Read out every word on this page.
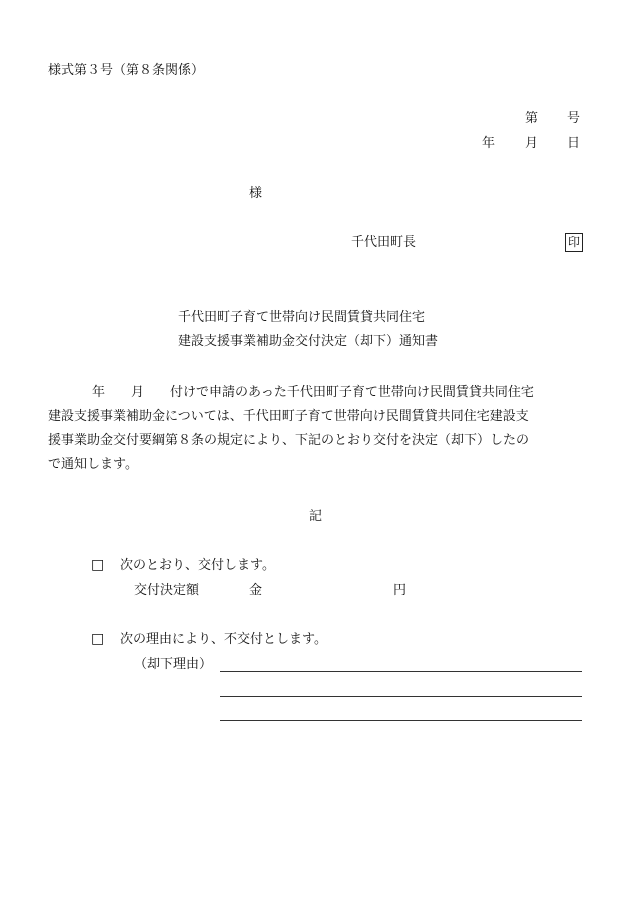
様式第３号（第８条関係）
第 号
年 月 日
様
千代田町長	印
千代田町子育て世帯向け民間賃貸共同住宅
建設支援事業補助金交付決定（却下）通知書
年　　月　　付けで申請のあった千代田町子育て世帯向け民間賃貸共同住宅
建設支援事業補助金については、千代田町子育て世帯向け民間賃貸共同住宅建設支
援事業助金交付要綱第８条の規定により、下記のとおり交付を決定（却下）したの
で通知します。
記
□ 次のとおり、交付します。
交付決定額	金	円
□ 次の理由により、不交付とします。
（却下理由）
